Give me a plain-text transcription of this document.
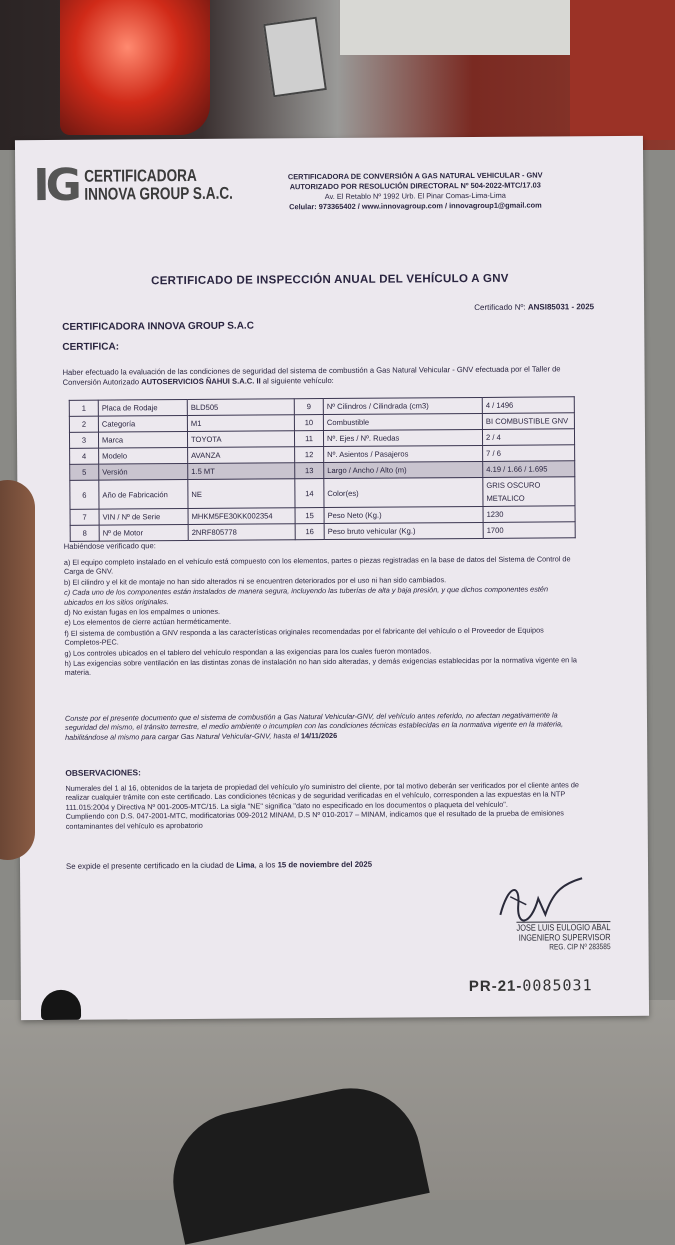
IG CERTIFICADORA
INNOVA GROUP S.A.C.
CERTIFICADORA DE CONVERSIÓN A GAS NATURAL VEHICULAR - GNV
AUTORIZADO POR RESOLUCIÓN DIRECTORAL Nº 504-2022-MTC/17.03
Av. El Retablo Nº 1992 Urb. El Pinar Comas-Lima-Lima
Celular: 973365402 / www.innovagroup.com / innovagroup1@gmail.com
CERTIFICADO DE INSPECCIÓN ANUAL DEL VEHÍCULO A GNV
Certificado Nº: ANSI85031 - 2025
CERTIFICADORA INNOVA GROUP S.A.C
CERTIFICA:
Haber efectuado la evaluación de las condiciones de seguridad del sistema de combustión a Gas Natural Vehicular - GNV efectuada por el Taller de Conversión Autorizado AUTOSERVICIOS ÑAHUI S.A.C. II al siguiente vehículo:
1	Placa de Rodaje	BLD505	9	Nº Cilindros / Cilindrada (cm3)	4 / 1496
2	Categoría	M1	10	Combustible	BI COMBUSTIBLE GNV
3	Marca	TOYOTA	11	Nº. Ejes / Nº. Ruedas	2 / 4
4	Modelo	AVANZA	12	Nº. Asientos / Pasajeros	7 / 6
5	Versión	1.5 MT	13	Largo / Ancho / Alto (m)	4.19 / 1.66 / 1.695
6	Año de Fabricación	NE	14	Color(es)	GRIS OSCURO METALICO
7	VIN / Nº de Serie	MHKM5FE30KK002354	15	Peso Neto (Kg.)	1230
8	Nº de Motor	2NRF805778	16	Peso bruto vehicular (Kg.)	1700
Habiéndose verificado que:

a) El equipo completo instalado en el vehículo está compuesto con los elementos, partes o piezas registradas en la base de datos del Sistema de Control de Carga de GNV.

b) El cilindro y el kit de montaje no han sido alterados ni se encuentren deteriorados por el uso ni han sido cambiados.

c) Cada uno de los componentes están instalados de manera segura, incluyendo las tuberías de alta y baja presión, y que dichos componentes estén ubicados en los sitios originales.

d) No existan fugas en los empalmes o uniones.

e) Los elementos de cierre actúan herméticamente.

f) El sistema de combustión a GNV responda a las características originales recomendadas por el fabricante del vehículo o el Proveedor de Equipos Completos-PEC.

g) Los controles ubicados en el tablero del vehículo respondan a las exigencias para los cuales fueron montados.

h) Las exigencias sobre ventilación en las distintas zonas de instalación no han sido alteradas, y demás exigencias establecidas por la normativa vigente en la materia.

Conste por el presente documento que el sistema de combustión a Gas Natural Vehicular-GNV, del vehículo antes referido, no afectan negativamente la seguridad del mismo, el tránsito terrestre, el medio ambiente o incumplen con las condiciones técnicas establecidas en la normativa vigente en la materia, habilitándose al mismo para cargar Gas Natural Vehicular-GNV, hasta el 14/11/2026
OBSERVACIONES:

Numerales del 1 al 16, obtenidos de la tarjeta de propiedad del vehículo y/o suministro del cliente, por tal motivo deberán ser verificados por el cliente antes de realizar cualquier trámite con este certificado. Las condiciones técnicas y de seguridad verificadas en el vehículo, corresponden a las expuestas en la NTP 111.015:2004 y Directiva Nº 001-2005-MTC/15. La sigla "NE" significa "dato no especificado en los documentos o plaqueta del vehículo".

Cumpliendo con D.S. 047-2001-MTC, modificatorias 009-2012 MINAM, D.S Nº 010-2017 – MINAM, indicamos que el resultado de la prueba de emisiones contaminantes del vehículo es aprobatorio

Se expide el presente certificado en la ciudad de Lima, a los 15 de noviembre del 2025
JOSE LUIS EULOGIO ABAL
INGENIERO SUPERVISOR
REG. CIP Nº 283585
PR-21-0085031
